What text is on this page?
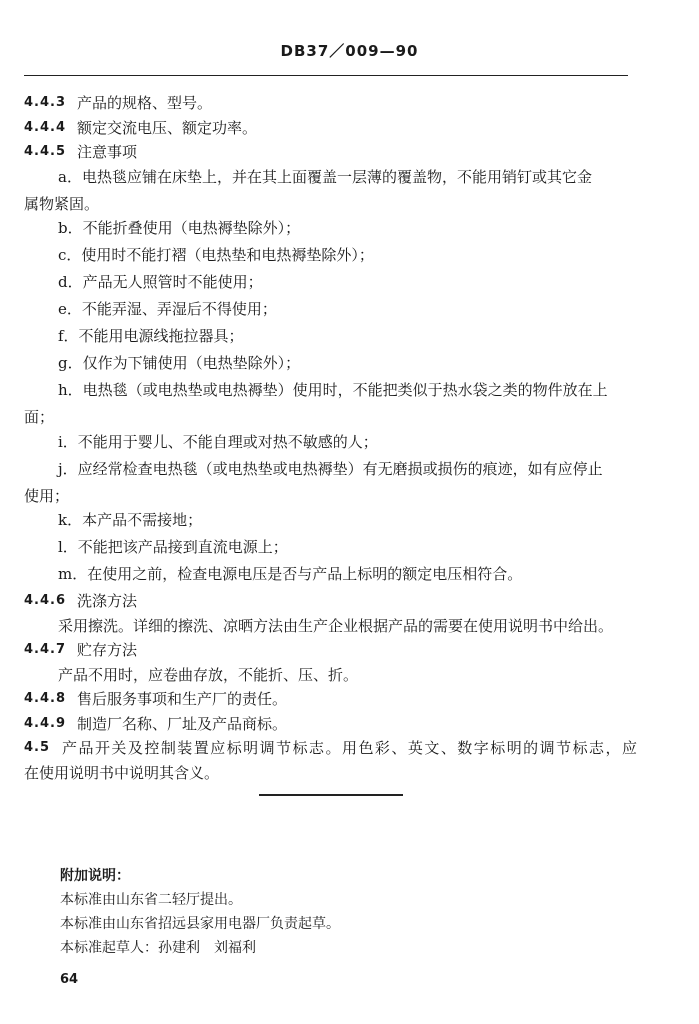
DB37／009—90
4.4.3 产品的规格、型号。
4.4.4 额定交流电压、额定功率。
4.4.5 注意事项
a．电热毯应铺在床垫上，并在其上面覆盖一层薄的覆盖物，不能用销钉或其它金
属物紧固。
b．不能折叠使用（电热褥垫除外）；
c．使用时不能打褶（电热垫和电热褥垫除外）；
d．产品无人照管时不能使用；
e．不能弄湿、弄湿后不得使用；
f．不能用电源线拖拉器具；
g．仅作为下铺使用（电热垫除外）；
h．电热毯（或电热垫或电热褥垫）使用时，不能把类似于热水袋之类的物件放在上
面；
i．不能用于婴儿、不能自理或对热不敏感的人；
j．应经常检查电热毯（或电热垫或电热褥垫）有无磨损或损伤的痕迹，如有应停止
使用；
k．本产品不需接地；
l．不能把该产品接到直流电源上；
m．在使用之前，检查电源电压是否与产品上标明的额定电压相符合。
4.4.6 洗涤方法
采用擦洗。详细的擦洗、凉晒方法由生产企业根据产品的需要在使用说明书中给出。
4.4.7 贮存方法
产品不用时，应卷曲存放，不能折、压、折。
4.4.8 售后服务事项和生产厂的责任。
4.4.9 制造厂名称、厂址及产品商标。
4.5 产品开关及控制装置应标明调节标志。用色彩、英文、数字标明的调节标志，应
在使用说明书中说明其含义。
附加说明：
本标准由山东省二轻厅提出。
本标准由山东省招远县家用电器厂负责起草。
本标准起草人：孙建利　刘福利
64
